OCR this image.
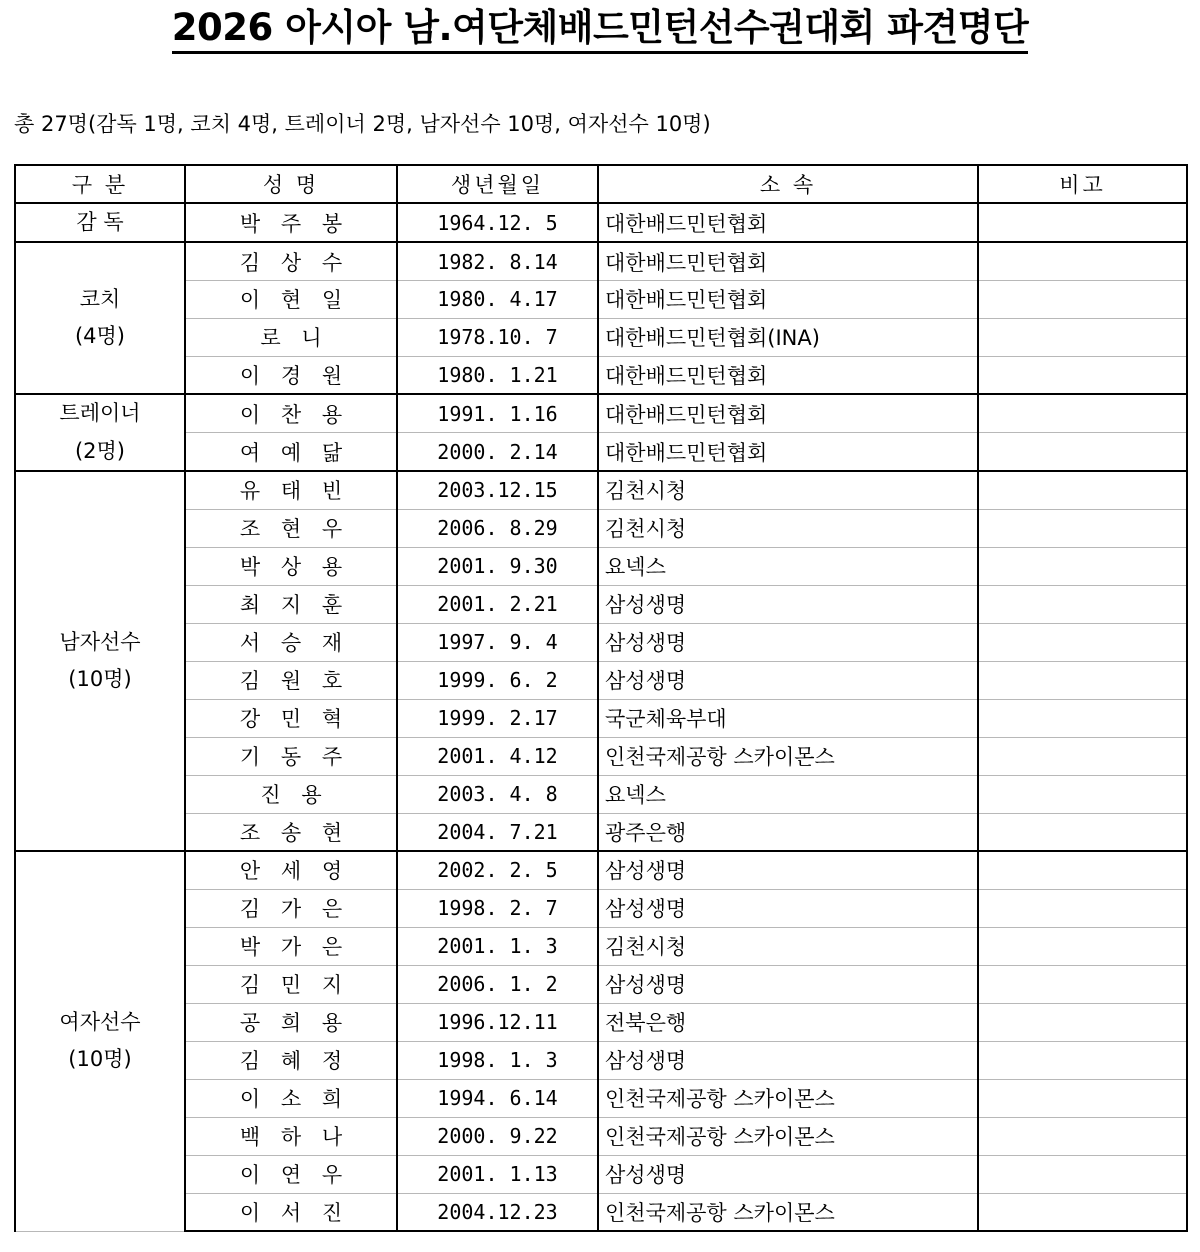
2026 아시아 남.여단체배드민턴선수권대회 파견명단
총 27명(감독 1명, 코치 4명, 트레이너 2명, 남자선수 10명, 여자선수 10명)
구 분	성 명	생년월일	소 속	비고
감 독	박 주 봉	1964.12. 5	대한배드민턴협회	
코치
(4명)	김 상 수	1982. 8.14	대한배드민턴협회	
	이 현 일	1980. 4.17	대한배드민턴협회	
	로 니	1978.10. 7	대한배드민턴협회(INA)	
	이 경 원	1980. 1.21	대한배드민턴협회	
트레이너
(2명)	이 찬 용	1991. 1.16	대한배드민턴협회	
	여 예 닮	2000. 2.14	대한배드민턴협회	
남자선수
(10명)	유 태 빈	2003.12.15	김천시청	
	조 현 우	2006. 8.29	김천시청	
	박 상 용	2001. 9.30	요넥스	
	최 지 훈	2001. 2.21	삼성생명	
	서 승 재	1997. 9. 4	삼성생명	
	김 원 호	1999. 6. 2	삼성생명	
	강 민 혁	1999. 2.17	국군체육부대	
	기 동 주	2001. 4.12	인천국제공항 스카이몬스	
	진 용	2003. 4. 8	요넥스	
	조 송 현	2004. 7.21	광주은행	
여자선수
(10명)	안 세 영	2002. 2. 5	삼성생명	
	김 가 은	1998. 2. 7	삼성생명	
	박 가 은	2001. 1. 3	김천시청	
	김 민 지	2006. 1. 2	삼성생명	
	공 희 용	1996.12.11	전북은행	
	김 혜 정	1998. 1. 3	삼성생명	
	이 소 희	1994. 6.14	인천국제공항 스카이몬스	
	백 하 나	2000. 9.22	인천국제공항 스카이몬스	
	이 연 우	2001. 1.13	삼성생명	
	이 서 진	2004.12.23	인천국제공항 스카이몬스	
